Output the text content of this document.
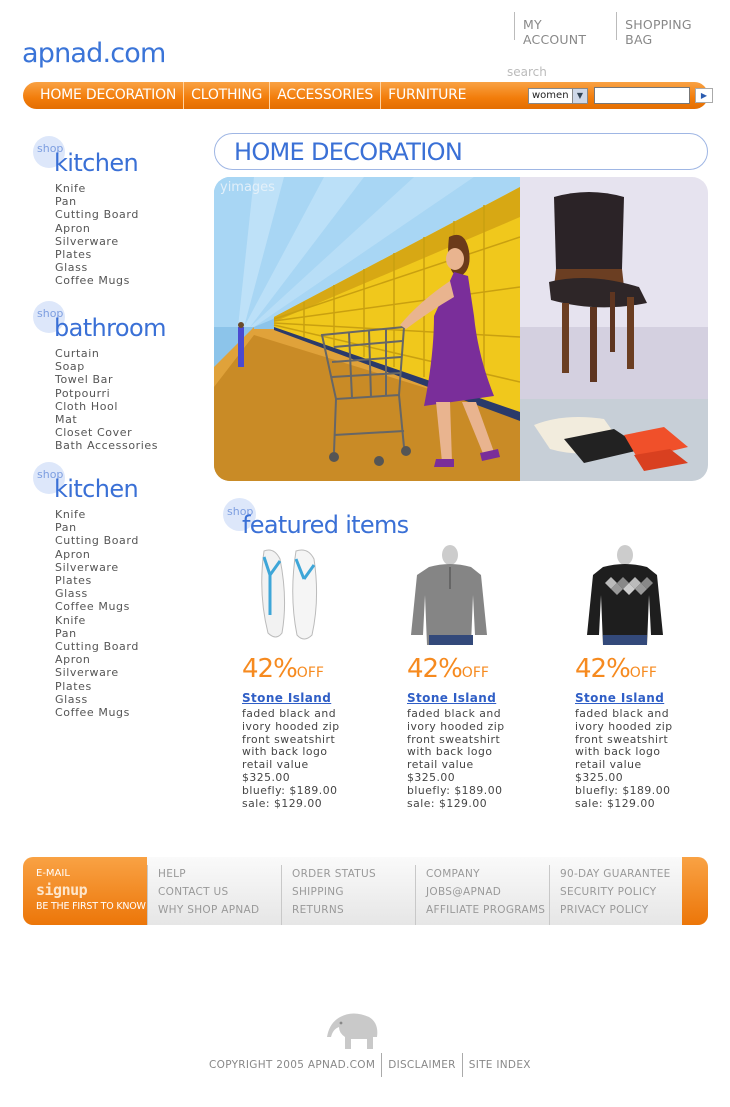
MY ACCOUNT
SHOPPING BAG
apnad.com
search
HOME DECORATION	CLOTHING	ACCESSORIES	FURNITURE	women	▼	▶
shop
kitchen
Knife
Pan
Cutting Board
Apron
Silverware
Plates
Glass
Coffee Mugs
shop
bathroom
Curtain
Soap
Towel Bar
Potpourri
Cloth Hool
Mat
Closet Cover
Bath Accessories
shop
kitchen
Knife
Pan
Cutting Board
Apron
Silverware
Plates
Glass
Coffee Mugs
Knife
Pan
Cutting Board
Apron
Silverware
Plates
Glass
Coffee Mugs
HOME DECORATION
yimages
shop
featured items
42%OFF
Stone Island
faded black and
ivory hooded zip
front sweatshirt
with back logo
retail value
$325.00
bluefly: $189.00
sale: $129.00
42%OFF
Stone Island
faded black and
ivory hooded zip
front sweatshirt
with back logo
retail value
$325.00
bluefly: $189.00
sale: $129.00
42%OFF
Stone Island
faded black and
ivory hooded zip
front sweatshirt
with back logo
retail value
$325.00
bluefly: $189.00
sale: $129.00
E-MAIL
signup
BE THE FIRST TO KNOW
HELP
CONTACT US
WHY SHOP APNAD
ORDER STATUS
SHIPPING
RETURNS
COMPANY
JOBS@APNAD
AFFILIATE PROGRAMS
90-DAY GUARANTEE
SECURITY POLICY
PRIVACY POLICY
COPYRIGHT 2005 APNAD.COM	DISCLAIMER	SITE INDEX
